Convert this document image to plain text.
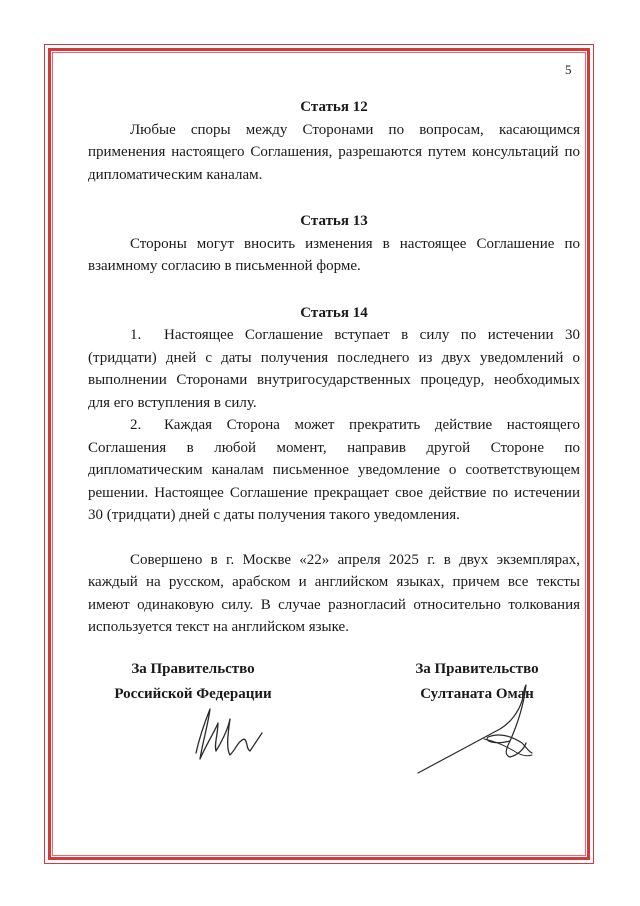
5

Статья 12

Любые споры между Сторонами по вопросам, касающимся применения настоящего Соглашения, разрешаются путем консультаций по дипломатическим каналам.

Статья 13

Стороны могут вносить изменения в настоящее Соглашение по взаимному согласию в письменной форме.

Статья 14

1. Настоящее Соглашение вступает в силу по истечении 30 (тридцати) дней с даты получения последнего из двух уведомлений о выполнении Сторонами внутригосударственных процедур, необходимых для его вступления в силу.

2. Каждая Сторона может прекратить действие настоящего Соглашения в любой момент, направив другой Стороне по дипломатическим каналам письменное уведомление о соответствующем решении. Настоящее Соглашение прекращает свое действие по истечении 30 (тридцати) дней с даты получения такого уведомления.

Совершено в г. Москве «22» апреля 2025 г. в двух экземплярах, каждый на русском, арабском и английском языках, причем все тексты имеют одинаковую силу. В случае разногласий относительно толкования используется текст на английском языке.

За Правительство
Российской Федерации
За Правительство
Султаната Оман
